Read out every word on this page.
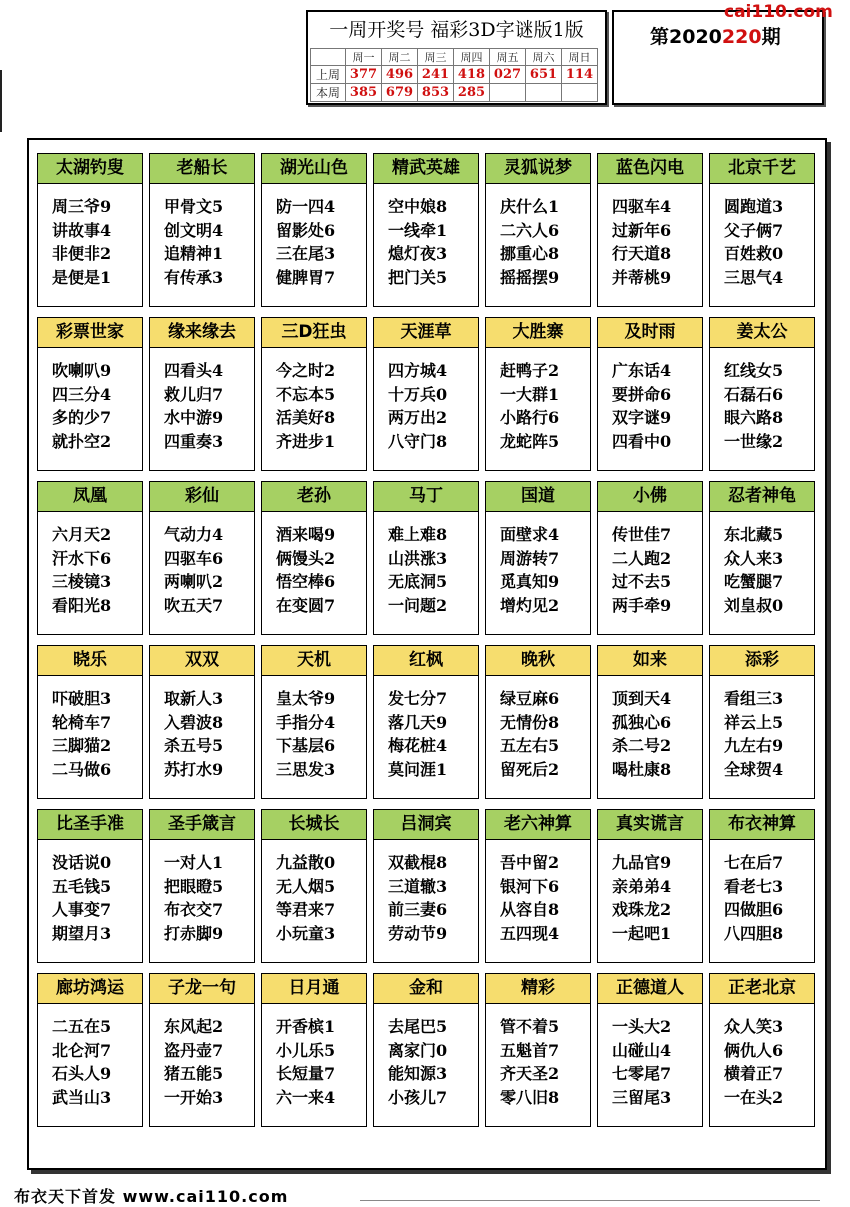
一周开奖号 福彩3D字谜版1版
	周一	周二	周三	周四	周五	周六	周日
上周	377	496	241	418	027	651	114
本周	385	679	853	285			
第2020220期
cai110.com
太湖钓叟
周三爷9
讲故事4
非便非2
是便是1
老船长
甲骨文5
创文明4
追精神1
有传承3
湖光山色
防一四4
留影处6
三在尾3
健脾胃7
精武英雄
空中娘8
一线牵1
熄灯夜3
把门关5
灵狐说梦
庆什么1
二六人6
挪重心8
摇摇摆9
蓝色闪电
四驱车4
过新年6
行天道8
并蒂桃9
北京千艺
圆跑道3
父子俩7
百姓救0
三思气4
彩票世家
吹喇叭9
四三分4
多的少7
就扑空2
缘来缘去
四看头4
救儿归7
水中游9
四重奏3
三D狂虫
今之时2
不忘本5
活美好8
齐进步1
天涯草
四方城4
十万兵0
两万出2
八守门8
大胜寨
赶鸭子2
一大群1
小路行6
龙蛇阵5
及时雨
广东话4
要拼命6
双字谜9
四看中0
姜太公
红线女5
石磊石6
眼六路8
一世缘2
凤凰
六月天2
汗水下6
三棱镜3
看阳光8
彩仙
气动力4
四驱车6
两喇叭2
吹五天7
老孙
酒来喝9
俩馒头2
悟空棒6
在变圆7
马丁
难上难8
山洪涨3
无底洞5
一问题2
国道
面壁求4
周游转7
觅真知9
增灼见2
小佛
传世佳7
二人跑2
过不去5
两手牵9
忍者神龟
东北藏5
众人来3
吃蟹腿7
刘皇叔0
晓乐
吓破胆3
轮椅车7
三脚猫2
二马做6
双双
取新人3
入碧波8
杀五号5
苏打水9
天机
皇太爷9
手指分4
下基层6
三思发3
红枫
发七分7
落几天9
梅花桩4
莫问涯1
晚秋
绿豆麻6
无情份8
五左右5
留死后2
如来
顶到天4
孤独心6
杀二号2
喝杜康8
添彩
看组三3
祥云上5
九左右9
全球贺4
比圣手准
没话说0
五毛钱5
人事变7
期望月3
圣手箴言
一对人1
把眼瞪5
布衣交7
打赤脚9
长城长
九益散0
无人烟5
等君来7
小玩童3
吕洞宾
双截棍8
三道辙3
前三妻6
劳动节9
老六神算
吾中留2
银河下6
从容自8
五四现4
真实谎言
九品官9
亲弟弟4
戏珠龙2
一起吧1
布衣神算
七在后7
看老七3
四做胆6
八四胆8
廊坊鸿运
二五在5
北仑河7
石头人9
武当山3
子龙一句
东风起2
盗丹壶7
猪五能5
一开始3
日月通
开香槟1
小儿乐5
长短量7
六一来4
金和
去尾巴5
离家门0
能知源3
小孩儿7
精彩
管不着5
五魁首7
齐天圣2
零八旧8
正德道人
一头大2
山碰山4
七零尾7
三留尾3
正老北京
众人笑3
俩仇人6
横着正7
一在头2
布衣天下首发 www.cai110.com
